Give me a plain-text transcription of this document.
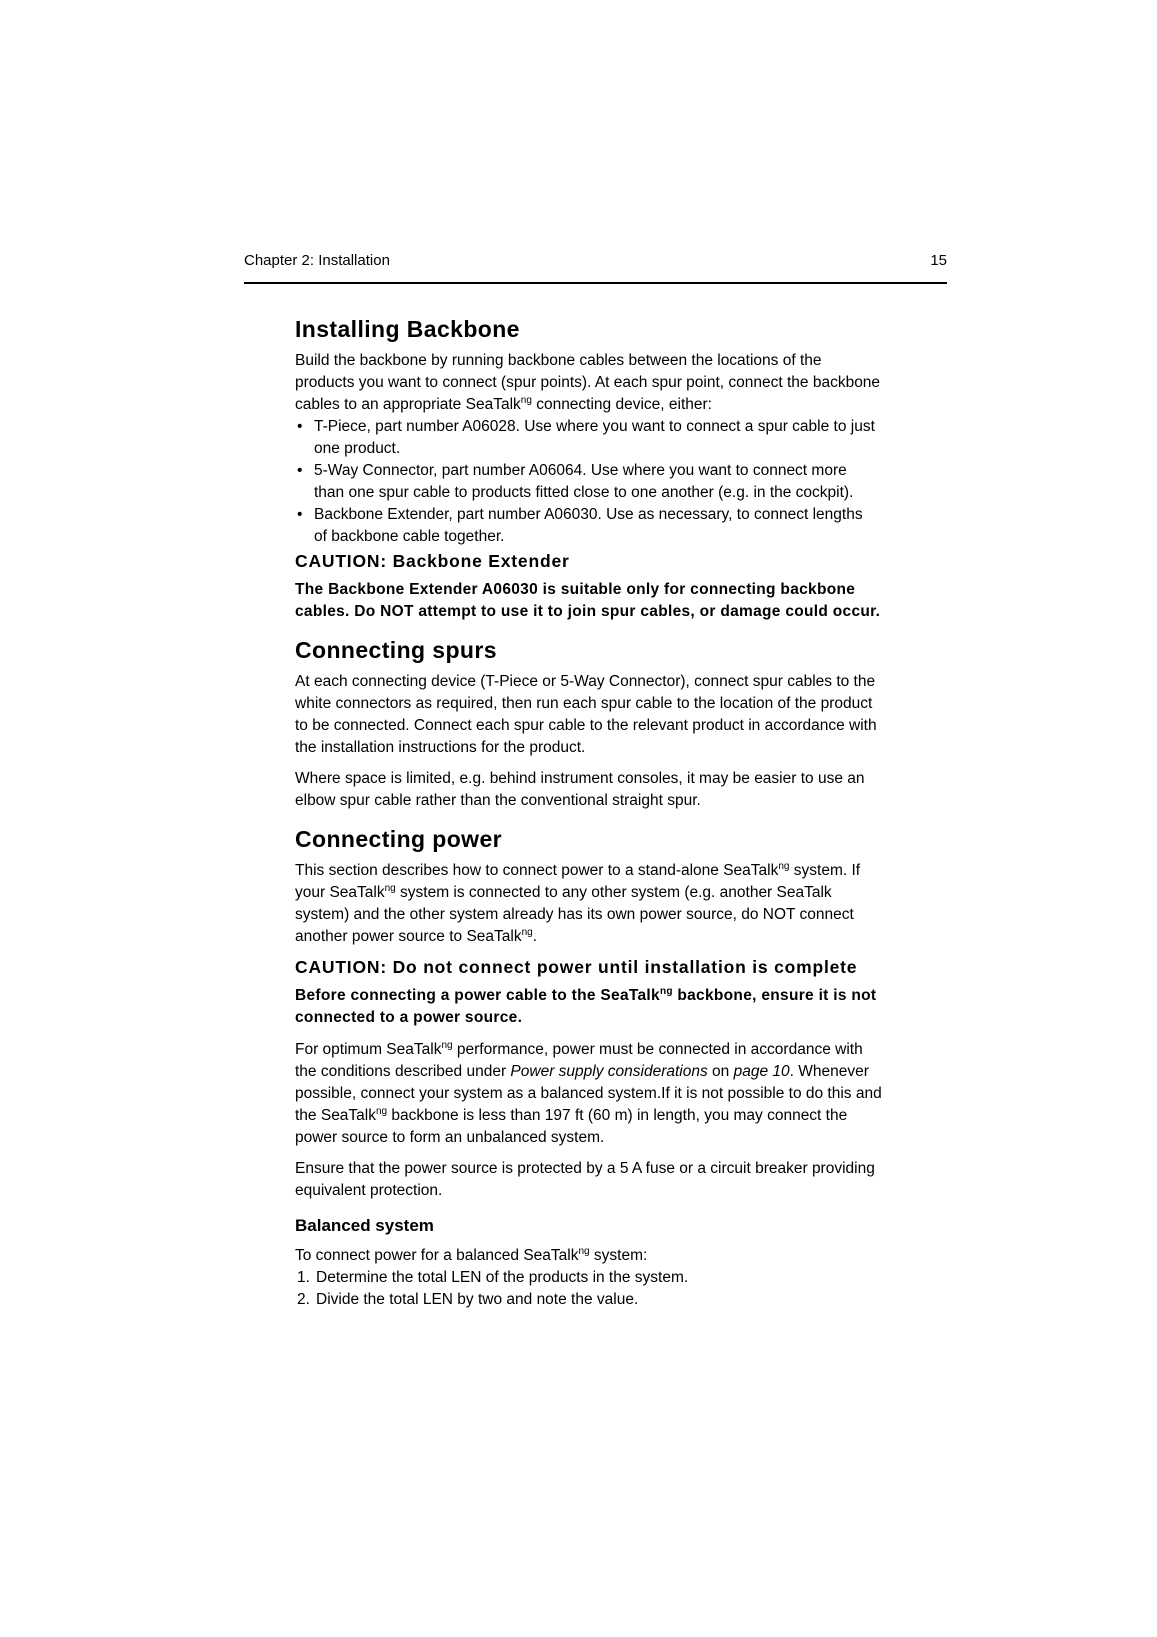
Chapter 2: Installation	15
Installing Backbone

Build the backbone by running backbone cables between the locations of the
products you want to connect (spur points). At each spur point, connect the backbone
cables to an appropriate SeaTalk$^{ng}$ connecting device, either:

• T-Piece, part number A06028. Use where you want to connect a spur cable to just
one product.
• 5-Way Connector, part number A06064. Use where you want to connect more
than one spur cable to products fitted close to one another (e.g. in the cockpit).
• Backbone Extender, part number A06030. Use as necessary, to connect lengths
of backbone cable together.
CAUTION: Backbone Extender

The Backbone Extender A06030 is suitable only for connecting backbone
cables. Do NOT attempt to use it to join spur cables, or damage could occur.

Connecting spurs

At each connecting device (T-Piece or 5-Way Connector), connect spur cables to the
white connectors as required, then run each spur cable to the location of the product
to be connected. Connect each spur cable to the relevant product in accordance with
the installation instructions for the product.

Where space is limited, e.g. behind instrument consoles, it may be easier to use an
elbow spur cable rather than the conventional straight spur.

Connecting power

This section describes how to connect power to a stand-alone SeaTalk$^{ng}$ system. If
your SeaTalk$^{ng}$ system is connected to any other system (e.g. another SeaTalk
system) and the other system already has its own power source, do NOT connect
another power source to SeaTalk$^{ng}$.

CAUTION: Do not connect power until installation is complete

Before connecting a power cable to the SeaTalk$^{ng}$ backbone, ensure it is not
connected to a power source.

For optimum SeaTalk$^{ng}$ performance, power must be connected in accordance with
the conditions described under Power supply considerations on page 10. Whenever
possible, connect your system as a balanced system.If it is not possible to do this and
the SeaTalk$^{ng}$ backbone is less than 197 ft (60 m) in length, you may connect the
power source to form an unbalanced system.

Ensure that the power source is protected by a 5 A fuse or a circuit breaker providing
equivalent protection.

Balanced system

To connect power for a balanced SeaTalk$^{ng}$ system:

1. Determine the total LEN of the products in the system.
2. Divide the total LEN by two and note the value.
